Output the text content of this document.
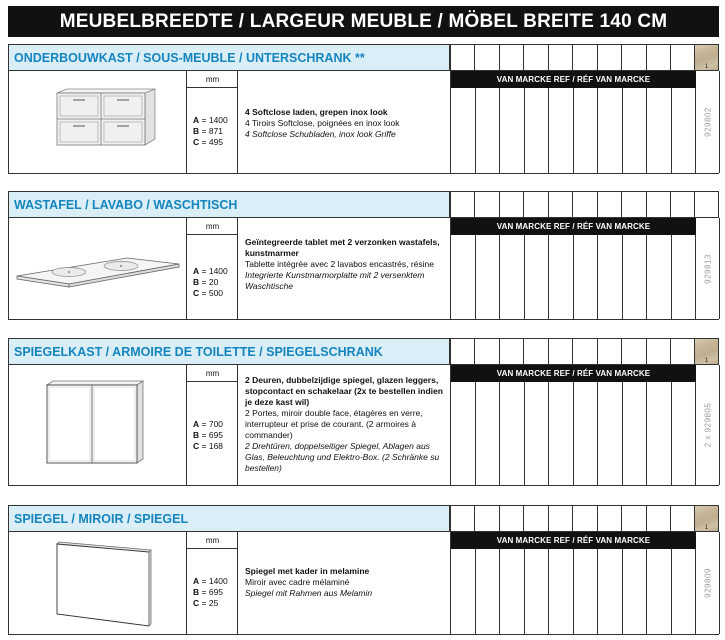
MEUBELBREEDTE / LARGEUR MEUBLE / MÖBEL BREITE 140 CM
ONDERBOUWKAST / SOUS-MEUBLE / UNTERSCHRANK **
1
mm
A = 1400
B = 871
C = 495
4 Softclose laden, grepen inox look
4 Tiroirs Softclose, poignées en inox look
4 Softclose Schubladen, inox look Griffe
VAN MARCKE REF / RÉF VAN MARCKE
929802
WASTAFEL / LAVABO / WASCHTISCH
mm
A = 1400
B = 20
C = 500
Geïntegreerde tablet met 2 verzonken wastafels, kunstmarmer
Tablette intégrée avec 2 lavabos encastrés, résine
Integrierte Kunstmarmorplatte mit 2 versenktem Waschtische
VAN MARCKE REF / RÉF VAN MARCKE
929813
SPIEGELKAST / ARMOIRE DE TOILETTE / SPIEGELSCHRANK
1
mm
A = 700
B = 695
C = 168
2 Deuren, dubbelzijdige spiegel, glazen leggers, stopcontact en schakelaar (2x te bestellen indien je deze kast wil)
2 Portes, miroir double face, étagères en verre, interrupteur et prise de courant. (2 armoires à commander)
2 Drehtüren, doppelseitiger Spiegel, Ablagen aus Glas, Beleuchtung und Elektro-Box. (2 Schränke su bestellen)
VAN MARCKE REF / RÉF VAN MARCKE
2 x 929805
SPIEGEL / MIROIR / SPIEGEL
1
mm
A = 1400
B = 695
C = 25
Spiegel met kader in melamine
Miroir avec cadre mélaminé
Spiegel mit Rahmen aus Melamin
VAN MARCKE REF / RÉF VAN MARCKE
929809
